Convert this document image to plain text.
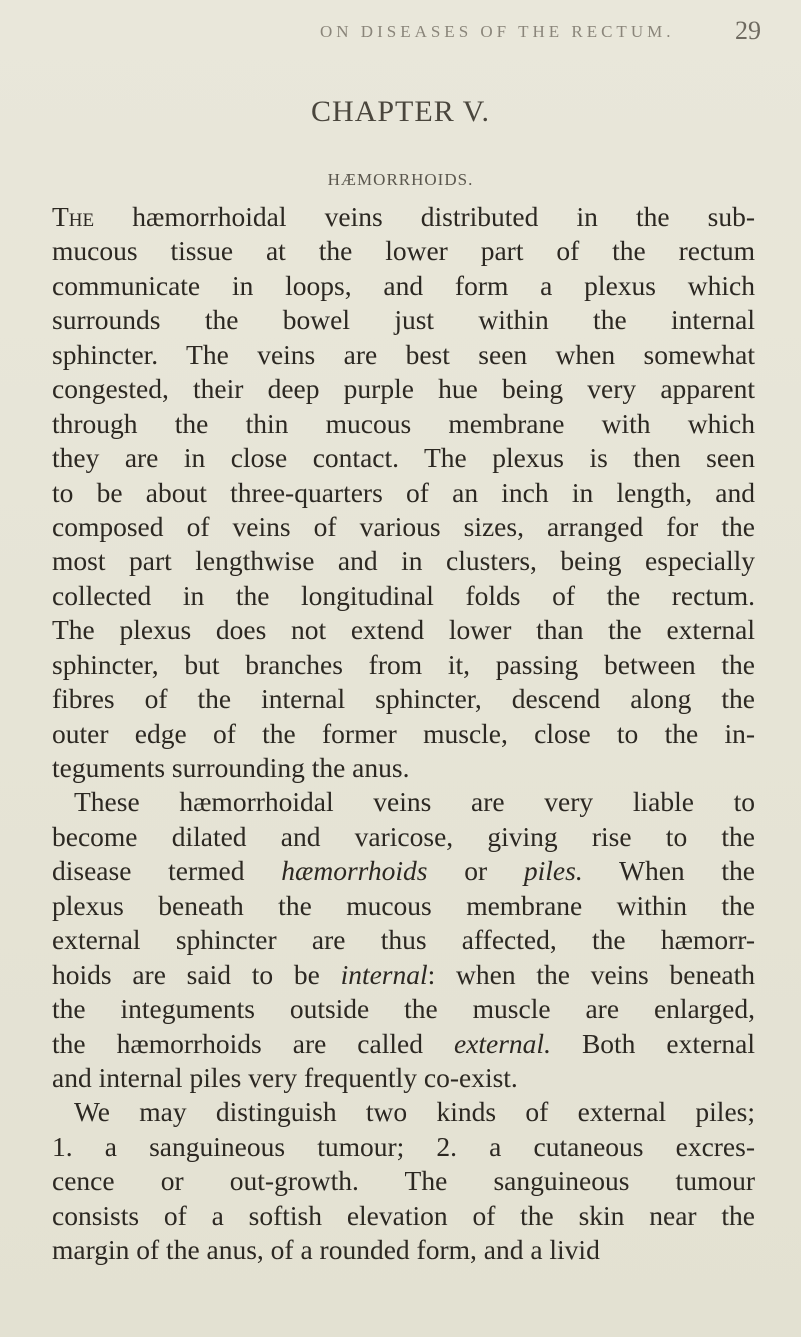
ON DISEASES OF THE RECTUM. 29
CHAPTER V.
HÆMORRHOIDS.
The hæmorrhoidal veins distributed in the sub-
mucous tissue at the lower part of the rectum
communicate in loops, and form a plexus which
surrounds the bowel just within the internal
sphincter. The veins are best seen when somewhat
congested, their deep purple hue being very apparent
through the thin mucous membrane with which
they are in close contact. The plexus is then seen
to be about three-quarters of an inch in length, and
composed of veins of various sizes, arranged for the
most part lengthwise and in clusters, being especially
collected in the longitudinal folds of the rectum.
The plexus does not extend lower than the external
sphincter, but branches from it, passing between the
fibres of the internal sphincter, descend along the
outer edge of the former muscle, close to the in-
teguments surrounding the anus.
These hæmorrhoidal veins are very liable to
become dilated and varicose, giving rise to the
disease termed hæmorrhoids or piles. When the
plexus beneath the mucous membrane within the
external sphincter are thus affected, the hæmorr-
hoids are said to be internal: when the veins beneath
the integuments outside the muscle are enlarged,
the hæmorrhoids are called external. Both external
and internal piles very frequently co-exist.
We may distinguish two kinds of external piles;
1. a sanguineous tumour; 2. a cutaneous excres-
cence or out-growth. The sanguineous tumour
consists of a softish elevation of the skin near the
margin of the anus, of a rounded form, and a livid
